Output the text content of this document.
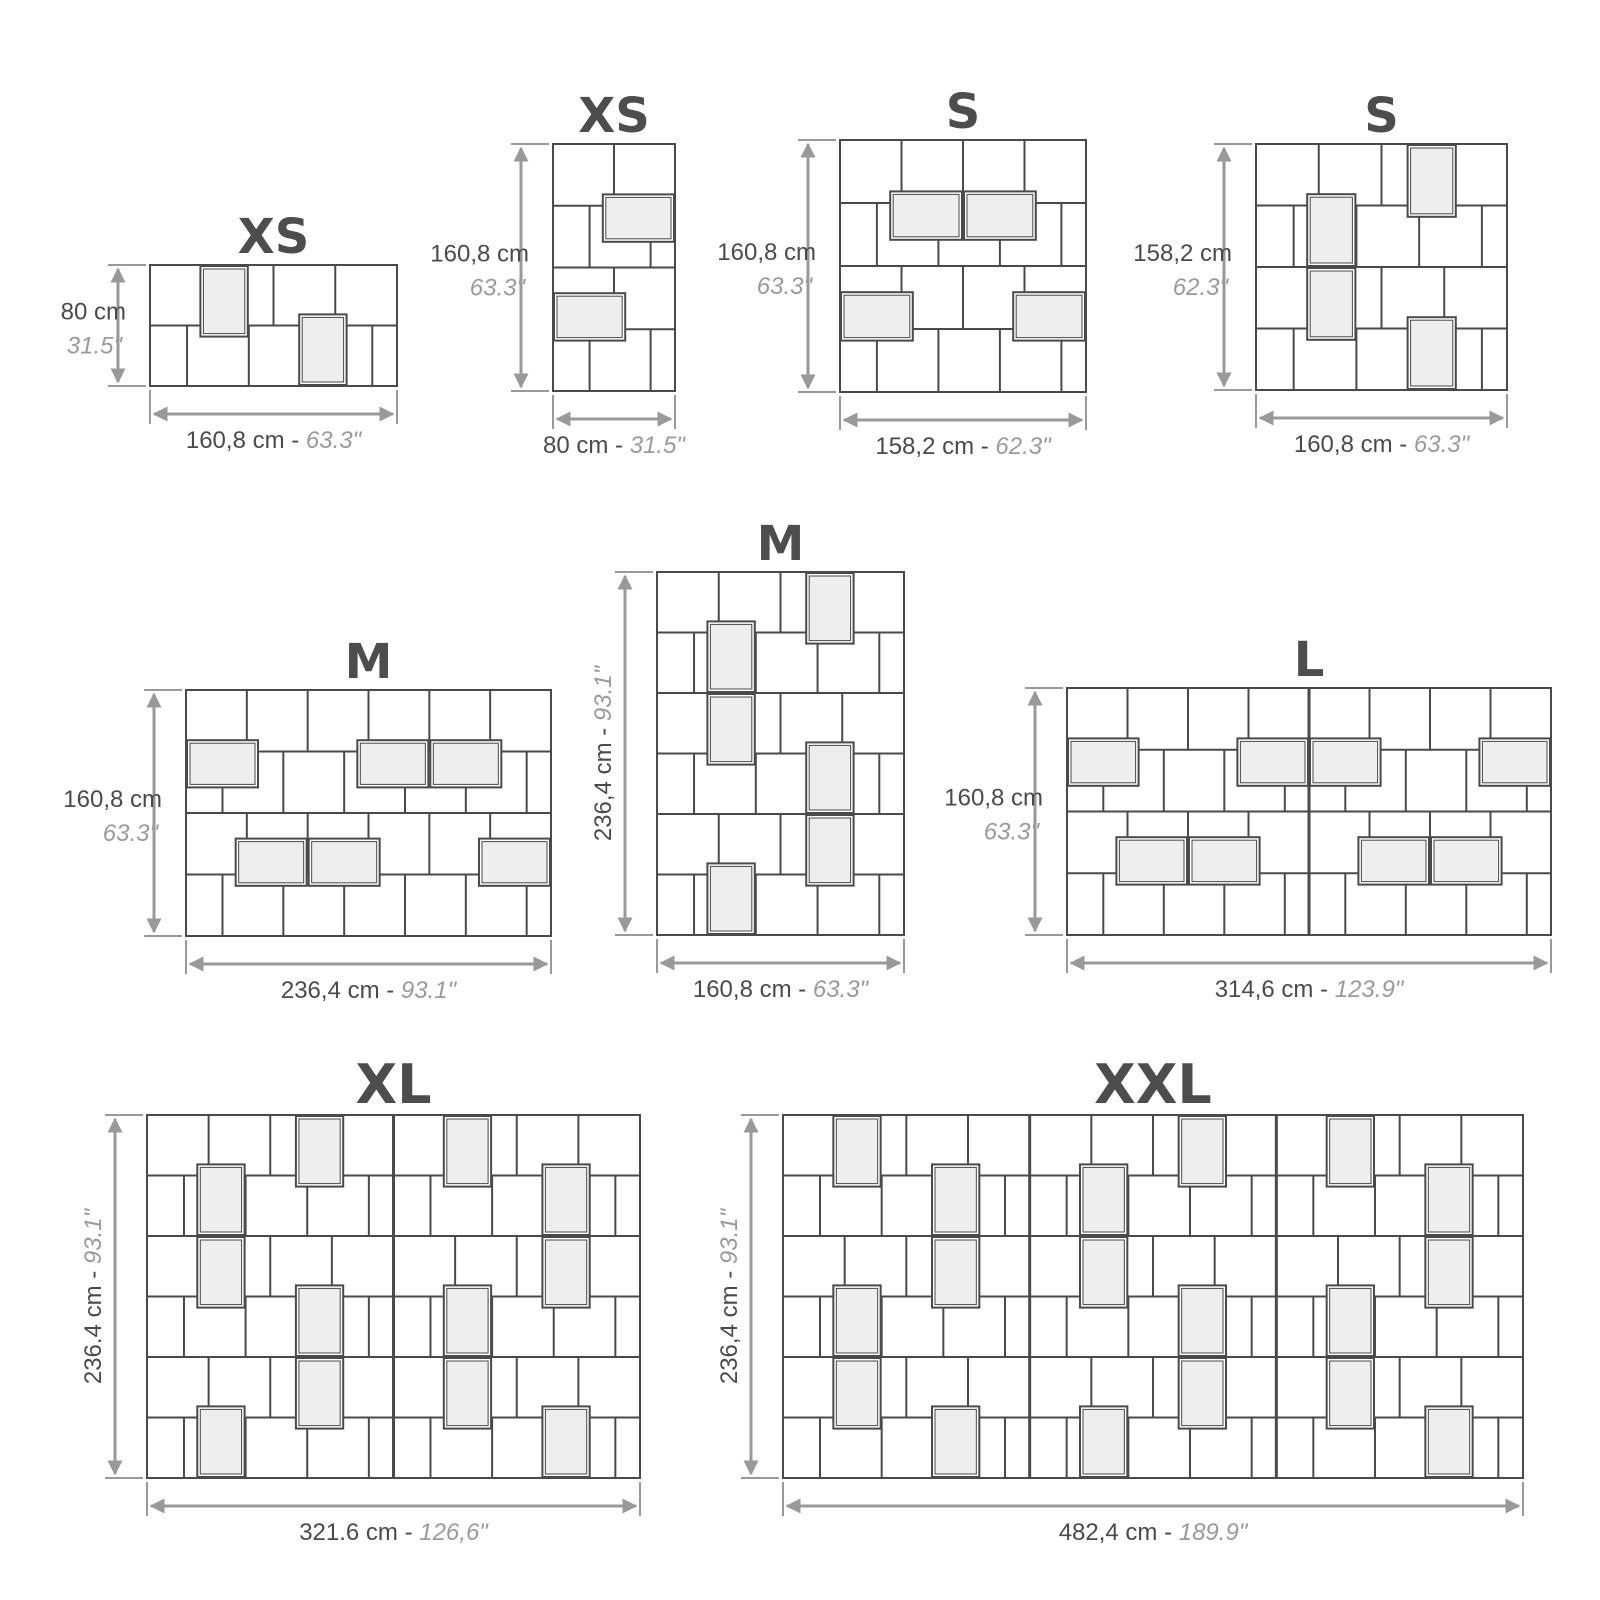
XS
160,8 cm - 63.3"
80 cm
31.5"
XS
80 cm - 31.5"
160,8 cm
63.3"
S
158,2 cm - 62.3"
160,8 cm
63.3"
S
160,8 cm - 63.3"
158,2 cm
62.3"
M
236,4 cm - 93.1"
160,8 cm
63.3"
M
160,8 cm - 63.3"
236,4 cm - 93.1"
L
314,6 cm - 123.9"
160,8 cm
63.3"
XL
321.6 cm - 126,6"
236.4 cm - 93.1"
XXL
482,4 cm - 189.9"
236,4 cm - 93.1"
